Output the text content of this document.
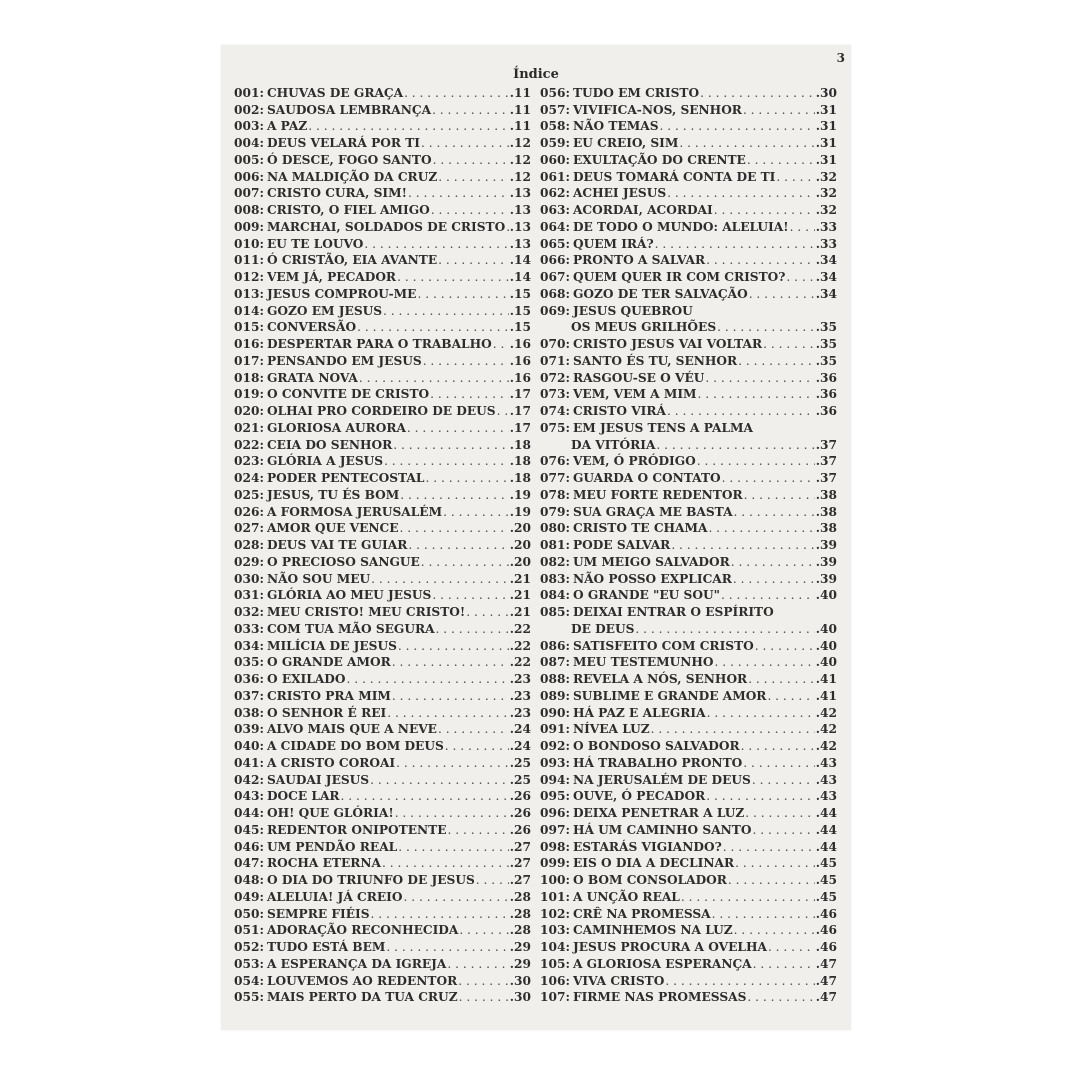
3
Índice
001: CHUVAS DE GRAÇA . . .	.11
002: SAUDOSA LEMBRANÇA . . .	.11
003: A PAZ . . .	.11
004: DEUS VELARÁ POR TI . . .	.12
005: Ó DESCE, FOGO SANTO . . .	.12
006: NA MALDIÇÃO DA CRUZ . . .	.12
007: CRISTO CURA, SIM! . . .	.13
008: CRISTO, O FIEL AMIGO . . .	.13
009: MARCHAI, SOLDADOS DE CRISTO . . . .13
010: EU TE LOUVO . . .	.13
011: Ó CRISTÃO, EIA AVANTE . . .	.14
012: VEM JÁ, PECADOR . . .	.14
013: JESUS COMPROU-ME . . .	.15
014: GOZO EM JESUS . . .	.15
015: CONVERSÃO . . .	.15
016: DESPERTAR PARA O TRABALHO . . . .16
017: PENSANDO EM JESUS . . .	.16
018: GRATA NOVA . . .	.16
019: O CONVITE DE CRISTO . . .	.17
020: OLHAI PRO CORDEIRO DE DEUS . . . .17
021: GLORIOSA AURORA . . .	.17
022: CEIA DO SENHOR . . .	.18
023: GLÓRIA A JESUS . . .	.18
024: PODER PENTECOSTAL . . .	.18
025: JESUS, TU ÉS BOM . . .	.19
026: A FORMOSA JERUSALÉM . . .	.19
027: AMOR QUE VENCE . . .	.20
028: DEUS VAI TE GUIAR . . .	.20
029: O PRECIOSO SANGUE . . .	.20
030: NÃO SOU MEU . . .	.21
031: GLÓRIA AO MEU JESUS . . .	.21
032: MEU CRISTO! MEU CRISTO! . . .	.21
033: COM TUA MÃO SEGURA . . .	.22
034: MILÍCIA DE JESUS . . .	.22
035: O GRANDE AMOR . . .	.22
036: O EXILADO . . .	.23
037: CRISTO PRA MIM . . .	.23
038: O SENHOR É REI . . .	.23
039: ALVO MAIS QUE A NEVE . . .	.24
040: A CIDADE DO BOM DEUS . . .	.24
041: A CRISTO COROAI . . .	.25
042: SAUDAI JESUS . . .	.25
043: DOCE LAR . . .	.26
044: OH! QUE GLÓRIA! . . .	.26
045: REDENTOR ONIPOTENTE . . .	.26
046: UM PENDÃO REAL . . .	.27
047: ROCHA ETERNA . . .	.27
048: O DIA DO TRIUNFO DE JESUS . . .	.27
049: ALELUIA! JÁ CREIO . . .	.28
050: SEMPRE FIÉIS . . .	.28
051: ADORAÇÃO RECONHECIDA . . .	.28
052: TUDO ESTÁ BEM . . .	.29
053: A ESPERANÇA DA IGREJA . . .	.29
054: LOUVEMOS AO REDENTOR . . .	.30
055: MAIS PERTO DA TUA CRUZ . . .	.30
056: TUDO EM CRISTO . . .	.30
057: VIVIFICA-NOS, SENHOR . . .	.31
058: NÃO TEMAS . . .	.31
059: EU CREIO, SIM . . .	.31
060: EXULTAÇÃO DO CRENTE . . .	.31
061: DEUS TOMARÁ CONTA DE TI . . .	.32
062: ACHEI JESUS . . .	.32
063: ACORDAI, ACORDAI . . .	.32
064: DE TODO O MUNDO: ALELUIA! . . . .33
065: QUEM IRÁ? . . .	.33
066: PRONTO A SALVAR . . .	.34
067: QUEM QUER IR COM CRISTO? . . . .34
068: GOZO DE TER SALVAÇÃO . . .	.34
069: JESUS QUEBROU
OS MEUS GRILHÕES . . .	.35
070: CRISTO JESUS VAI VOLTAR . . .	.35
071: SANTO ÉS TU, SENHOR . . .	.35
072: RASGOU-SE O VÉU . . .	.36
073: VEM, VEM A MIM . . .	.36
074: CRISTO VIRÁ . . .	.36
075: EM JESUS TENS A PALMA
DA VITÓRIA . . .	.37
076: VEM, Ó PRÓDIGO . . .	.37
077: GUARDA O CONTATO . . .	.37
078: MEU FORTE REDENTOR . . .	.38
079: SUA GRAÇA ME BASTA . . .	.38
080: CRISTO TE CHAMA . . .	.38
081: PODE SALVAR . . .	.39
082: UM MEIGO SALVADOR . . .	.39
083: NÃO POSSO EXPLICAR . . .	.39
084: O GRANDE "EU SOU" . . .	.40
085: DEIXAI ENTRAR O ESPÍRITO
DE DEUS . . .	.40
086: SATISFEITO COM CRISTO . . .	.40
087: MEU TESTEMUNHO . . .	.40
088: REVELA A NÓS, SENHOR . . .	.41
089: SUBLIME E GRANDE AMOR . . .	.41
090: HÁ PAZ E ALEGRIA . . .	.42
091: NÍVEA LUZ . . .	.42
092: O BONDOSO SALVADOR . . .	.42
093: HÁ TRABALHO PRONTO . . .	.43
094: NA JERUSALÉM DE DEUS . . .	.43
095: OUVE, Ó PECADOR . . .	.43
096: DEIXA PENETRAR A LUZ . . .	.44
097: HÁ UM CAMINHO SANTO . . .	.44
098: ESTARÁS VIGIANDO? . . .	.44
099: EIS O DIA A DECLINAR . . .	.45
100: O BOM CONSOLADOR . . .	.45
101: A UNÇÃO REAL . . .	.45
102: CRÊ NA PROMESSA . . .	.46
103: CAMINHEMOS NA LUZ . . .	.46
104: JESUS PROCURA A OVELHA . . .	.46
105: A GLORIOSA ESPERANÇA . . .	.47
106: VIVA CRISTO . . .	.47
107: FIRME NAS PROMESSAS . . .	.47
